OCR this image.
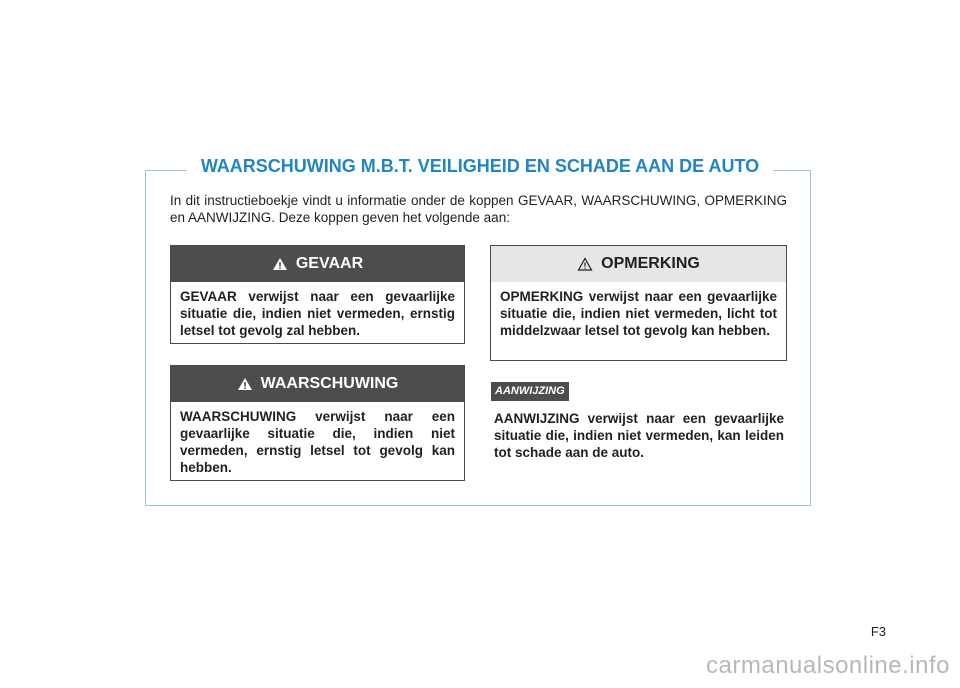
WAARSCHUWING M.B.T. VEILIGHEID EN SCHADE AAN DE AUTO
In dit instructieboekje vindt u informatie onder de koppen GEVAAR, WAARSCHUWING, OPMERKING en AANWIJZING. Deze koppen geven het volgende aan:
GEVAAR
GEVAAR verwijst naar een gevaarlijke situatie die, indien niet vermeden, ernstig letsel tot gevolg zal hebben.
WAARSCHUWING
WAARSCHUWING verwijst naar een gevaarlijke situatie die, indien niet vermeden, ernstig letsel tot gevolg kan hebben.
OPMERKING
OPMERKING verwijst naar een gevaarlijke situatie die, indien niet vermeden, licht tot middelzwaar letsel tot gevolg kan hebben.
AANWIJZING
AANWIJZING verwijst naar een gevaarlijke situatie die, indien niet vermeden, kan leiden tot schade aan de auto.
F3
carmanualsonline.info
